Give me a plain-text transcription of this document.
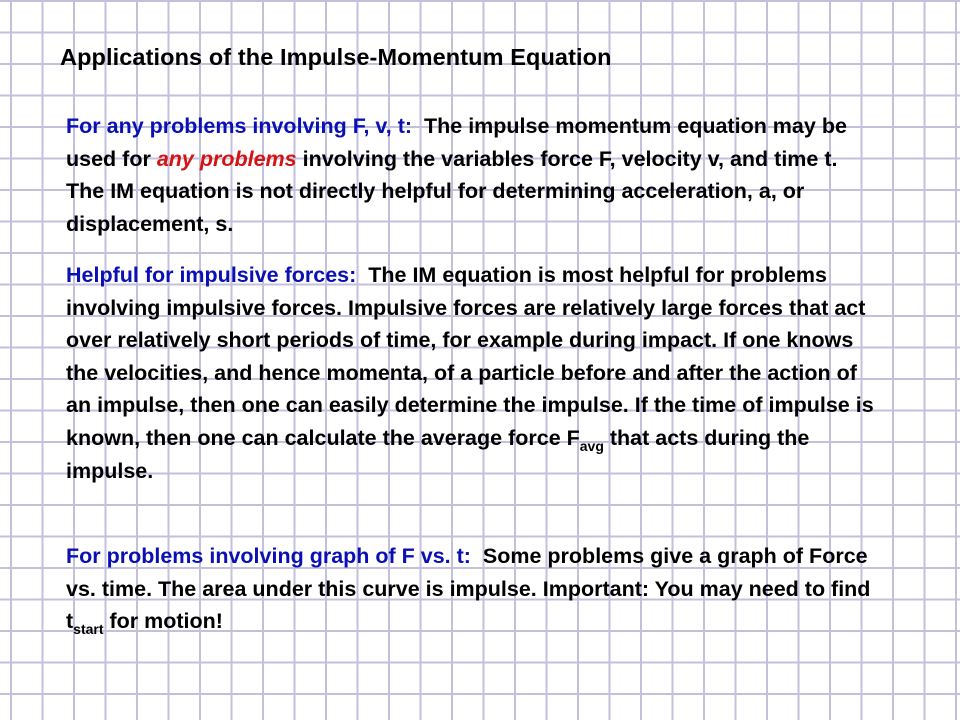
Applications of the Impulse-Momentum Equation

For any problems involving F, v, t: The impulse momentum equation may be used for any problems involving the variables force F, velocity v, and time t. The IM equation is not directly helpful for determining acceleration, a, or displacement, s.

Helpful for impulsive forces: The IM equation is most helpful for problems involving impulsive forces. Impulsive forces are relatively large forces that act over relatively short periods of time, for example during impact. If one knows the velocities, and hence momenta, of a particle before and after the action of an impulse, then one can easily determine the impulse. If the time of impulse is known, then one can calculate the average force $F_{avg}$ that acts during the impulse.

For problems involving graph of F vs. t: Some problems give a graph of Force vs. time. The area under this curve is impulse. Important: You may need to find $t_{start}$ for motion!
